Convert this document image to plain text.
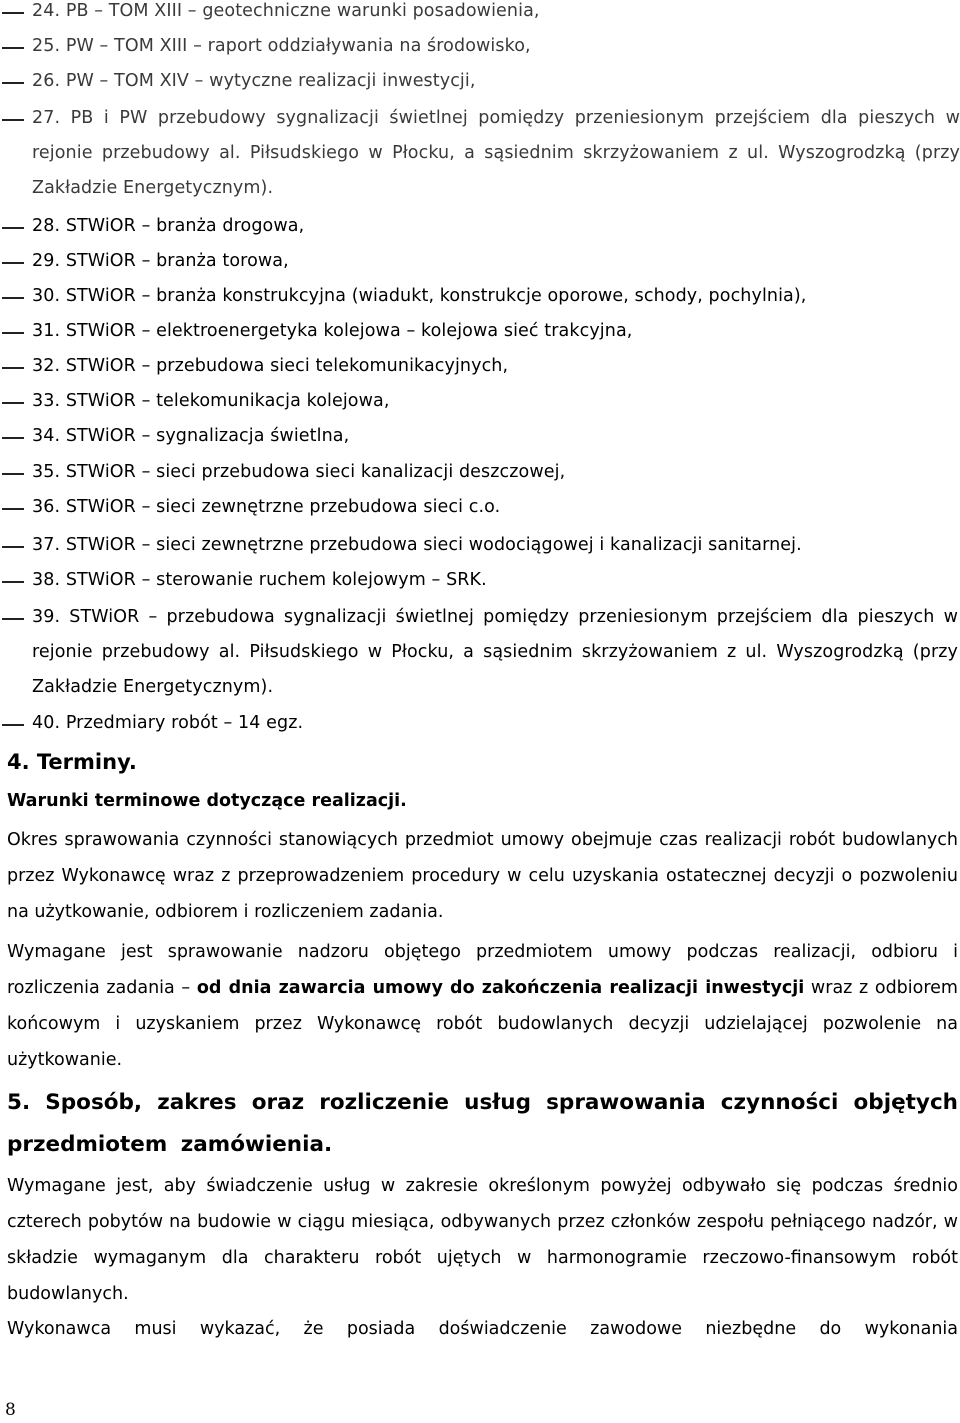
24. PB – TOM XIII – geotechniczne warunki posadowienia,
25. PW – TOM XIII – raport oddziaływania na środowisko,
26. PW – TOM XIV – wytyczne realizacji inwestycji,
27. PB i PW przebudowy sygnalizacji świetlnej pomiędzy przeniesionym przejściem dla pieszych w rejonie przebudowy al. Piłsudskiego w Płocku, a sąsiednim skrzyżowaniem z ul. Wyszogrodzką (przy Zakładzie Energetycznym).
28. STWiOR – branża drogowa,
29. STWiOR – branża torowa,
30. STWiOR – branża konstrukcyjna (wiadukt, konstrukcje oporowe, schody, pochylnia),
31. STWiOR – elektroenergetyka kolejowa – kolejowa sieć trakcyjna,
32. STWiOR – przebudowa sieci telekomunikacyjnych,
33. STWiOR – telekomunikacja kolejowa,
34. STWiOR – sygnalizacja świetlna,
35. STWiOR – sieci przebudowa sieci kanalizacji deszczowej,
36. STWiOR – sieci zewnętrzne przebudowa sieci c.o.
37. STWiOR – sieci zewnętrzne przebudowa sieci wodociągowej i kanalizacji sanitarnej.
38. STWiOR – sterowanie ruchem kolejowym – SRK.
39. STWiOR – przebudowa sygnalizacji świetlnej pomiędzy przeniesionym przejściem dla pieszych w rejonie przebudowy al. Piłsudskiego w Płocku, a sąsiednim skrzyżowaniem z ul. Wyszogrodzką (przy Zakładzie Energetycznym).
40. Przedmiary robót – 14 egz.
4. Terminy.
Warunki terminowe dotyczące realizacji.
Okres sprawowania czynności stanowiących przedmiot umowy obejmuje czas realizacji robót budowlanych przez Wykonawcę wraz z przeprowadzeniem procedury w celu uzyskania ostatecznej decyzji o pozwoleniu na użytkowanie, odbiorem i rozliczeniem zadania.
Wymagane jest sprawowanie nadzoru objętego przedmiotem umowy podczas realizacji, odbioru i rozliczenia zadania – od dnia zawarcia umowy do zakończenia realizacji inwestycji wraz z odbiorem końcowym i uzyskaniem przez Wykonawcę robót budowlanych decyzji udzielającej pozwolenie na użytkowanie.
5. Sposób, zakres oraz rozliczenie usług sprawowania czynności objętych przedmiotem zamówienia.
Wymagane jest, aby świadczenie usług w zakresie określonym powyżej odbywało się podczas średnio czterech pobytów na budowie w ciągu miesiąca, odbywanych przez członków zespołu pełniącego nadzór, w składzie wymaganym dla charakteru robót ujętych w harmonogramie rzeczowo-finansowym robót budowlanych.
Wykonawca musi wykazać, że posiada doświadczenie zawodowe niezbędne do wykonania
8
